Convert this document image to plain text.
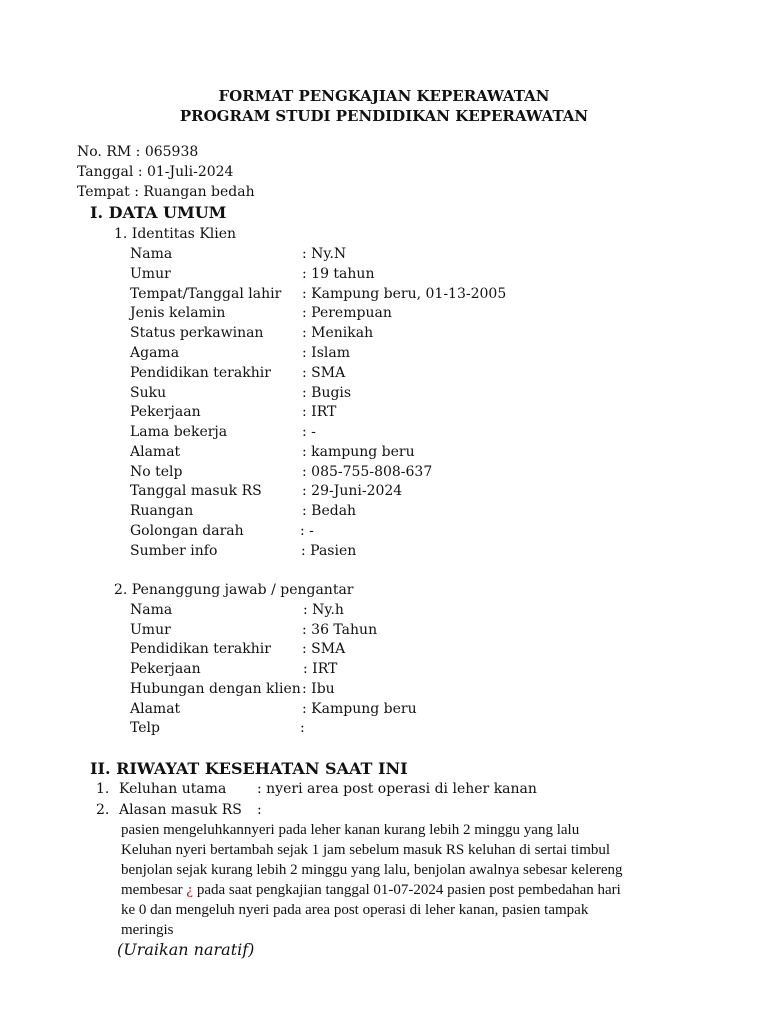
FORMAT PENGKAJIAN KEPERAWATAN
PROGRAM STUDI PENDIDIKAN KEPERAWATAN
No. RM : 065938
Tanggal : 01-Juli-2024
Tempat : Ruangan bedah
I. DATA UMUM
1. Identitas Klien
Nama	: Ny.N
Umur	: 19 tahun
Tempat/Tanggal lahir : Kampung beru, 01-13-2005
Jenis kelamin	: Perempuan
Status perkawinan	: Menikah
Agama	: Islam
Pendidikan terakhir : SMA
Suku	: Bugis
Pekerjaan	: IRT
Lama bekerja	: -
Alamat	: kampung beru
No telp	: 085-755-808-637
Tanggal masuk RS	: 29-Juni-2024
Ruangan	: Bedah
Golongan darah	: -
Sumber info	: Pasien
2. Penanggung jawab / pengantar
Nama	: Ny.h
Umur	: 36 Tahun
Pendidikan terakhir : SMA
Pekerjaan	: IRT
Hubungan dengan klien : Ibu
Alamat	: Kampung beru
Telp	:
II. RIWAYAT KESEHATAN SAAT INI
1. Keluhan utama : nyeri area post operasi di leher kanan
2. Alasan masuk RS :
pasien mengeluhkannyeri pada leher kanan kurang lebih 2 minggu yang lalu
Keluhan nyeri bertambah sejak 1 jam sebelum masuk RS keluhan di sertai timbul
benjolan sejak kurang lebih 2 minggu yang lalu, benjolan awalnya sebesar kelereng
membesar ¿ pada saat pengkajian tanggal 01-07-2024 pasien post pembedahan hari
ke 0 dan mengeluh nyeri pada area post operasi di leher kanan, pasien tampak
meringis
(Uraikan naratif)
